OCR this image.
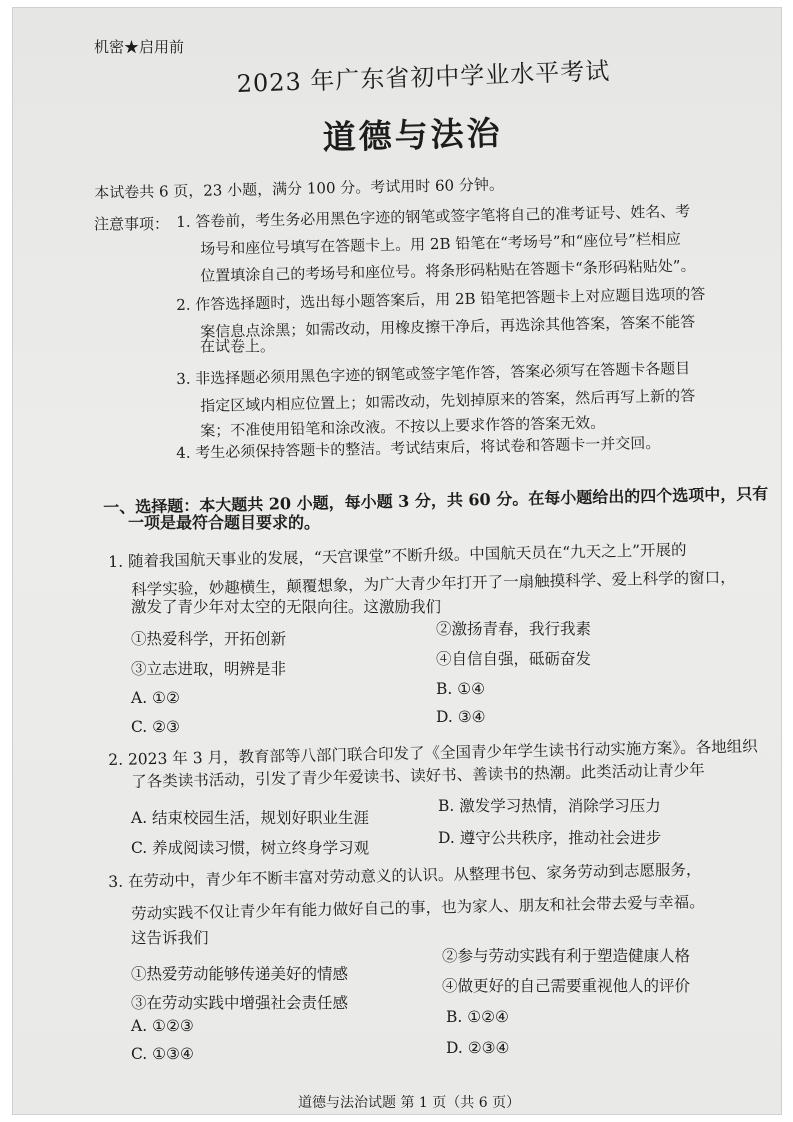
机密★启用前
2023 年广东省初中学业水平考试
道德与法治
本试卷共 6 页，23 小题，满分 100 分。考试用时 60 分钟。
注意事项： 1. 答卷前，考生务必用黑色字迹的钢笔或签字笔将自己的准考证号、姓名、考
场号和座位号填写在答题卡上。用 2B 铅笔在“考场号”和“座位号”栏相应
位置填涂自己的考场号和座位号。将条形码粘贴在答题卡“条形码粘贴处”。
2. 作答选择题时，选出每小题答案后，用 2B 铅笔把答题卡上对应题目选项的答
案信息点涂黑；如需改动，用橡皮擦干净后，再选涂其他答案，答案不能答
在试卷上。
3. 非选择题必须用黑色字迹的钢笔或签字笔作答，答案必须写在答题卡各题目
指定区域内相应位置上；如需改动，先划掉原来的答案，然后再写上新的答
案；不准使用铅笔和涂改液。不按以上要求作答的答案无效。
4. 考生必须保持答题卡的整洁。考试结束后，将试卷和答题卡一并交回。
一、选择题：本大题共 20 小题，每小题 3 分，共 60 分。在每小题给出的四个选项中，只有
一项是最符合题目要求的。
1. 随着我国航天事业的发展，“天宫课堂”不断升级。中国航天员在“九天之上”开展的
科学实验，妙趣横生，颠覆想象，为广大青少年打开了一扇触摸科学、爱上科学的窗口，
激发了青少年对太空的无限向往。这激励我们
①热爱科学，开拓创新
②激扬青春，我行我素
③立志进取，明辨是非
④自信自强，砥砺奋发
A. ①②	B. ①④
C. ②③
D. ③④
2. 2023 年 3 月，教育部等八部门联合印发了《全国青少年学生读书行动实施方案》。各地组织
了各类读书活动，引发了青少年爱读书、读好书、善读书的热潮。此类活动让青少年
A. 结束校园生活，规划好职业生涯
B. 激发学习热情，消除学习压力
C. 养成阅读习惯，树立终身学习观
D. 遵守公共秩序，推动社会进步
3. 在劳动中，青少年不断丰富对劳动意义的认识。从整理书包、家务劳动到志愿服务，
劳动实践不仅让青少年有能力做好自己的事，也为家人、朋友和社会带去爱与幸福。
这告诉我们
①热爱劳动能够传递美好的情感
②参与劳动实践有利于塑造健康人格
③在劳动实践中增强社会责任感
④做更好的自己需要重视他人的评价
A. ①②③	B. ①②④
C. ①③④	D. ②③④
道德与法治试题 第 1 页（共 6 页）
